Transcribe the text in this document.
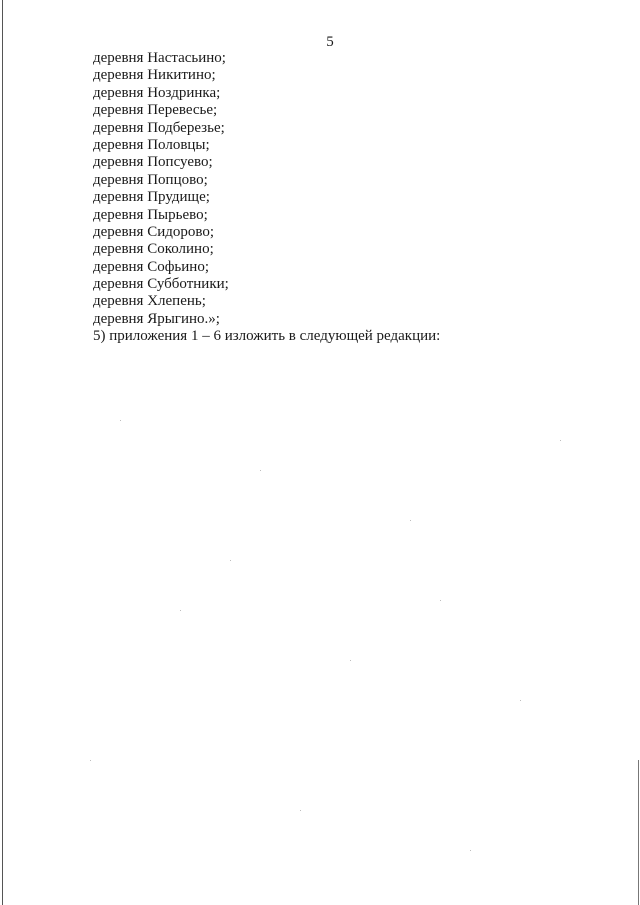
5
деревня Настасьино;
деревня Никитино;
деревня Ноздринка;
деревня Перевесье;
деревня Подберезье;
деревня Половцы;
деревня Попсуево;
деревня Попцово;
деревня Прудище;
деревня Пырьево;
деревня Сидорово;
деревня Соколино;
деревня Софьино;
деревня Субботники;
деревня Хлепень;
деревня Ярыгино.»;
5) приложения 1 – 6 изложить в следующей редакции:
